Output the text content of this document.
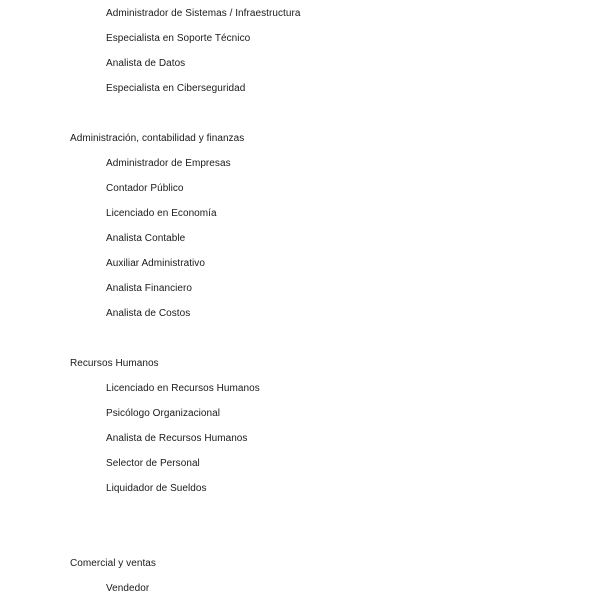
Administrador de Sistemas / Infraestructura
Especialista en Soporte Técnico
Analista de Datos
Especialista en Ciberseguridad
Administración, contabilidad y finanzas
Administrador de Empresas
Contador Público
Licenciado en Economía
Analista Contable
Auxiliar Administrativo
Analista Financiero
Analista de Costos
Recursos Humanos
Licenciado en Recursos Humanos
Psicólogo Organizacional
Analista de Recursos Humanos
Selector de Personal
Liquidador de Sueldos
Comercial y ventas
Vendedor
